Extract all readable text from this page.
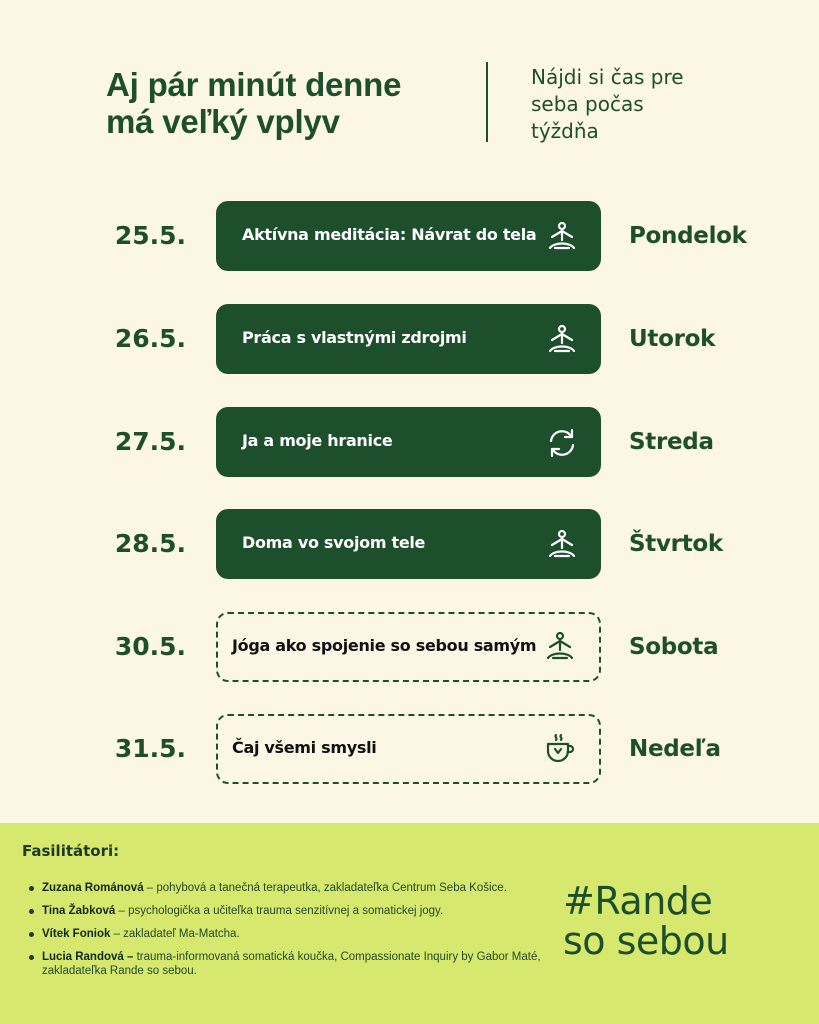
Aj pár minút denne
má veľký vplyv
Nájdi si čas pre
seba počas
týždňa
25.5.	Aktívna meditácia: Návrat do tela	Pondelok
26.5.	Práca s vlastnými zdrojmi	Utorok
27.5.	Ja a moje hranice	Streda
28.5.	Doma vo svojom tele	Štvrtok
30.5.	Jóga ako spojenie so sebou samým	Sobota
31.5.	Čaj všemi smysli	Nedeľa
Fasilitátori:
Zuzana Románová – pohybová a tanečná terapeutka, zakladateľka Centrum Seba Košice.
Tina Žabková – psychologička a učiteľka trauma senzitívnej a somatickej jogy.
Vítek Foniok – zakladateľ Ma-Matcha.
Lucia Randová – trauma-informovaná somatická koučka, Compassionate Inquiry by Gabor Maté, zakladateľka Rande so sebou.
#Rande
so sebou
